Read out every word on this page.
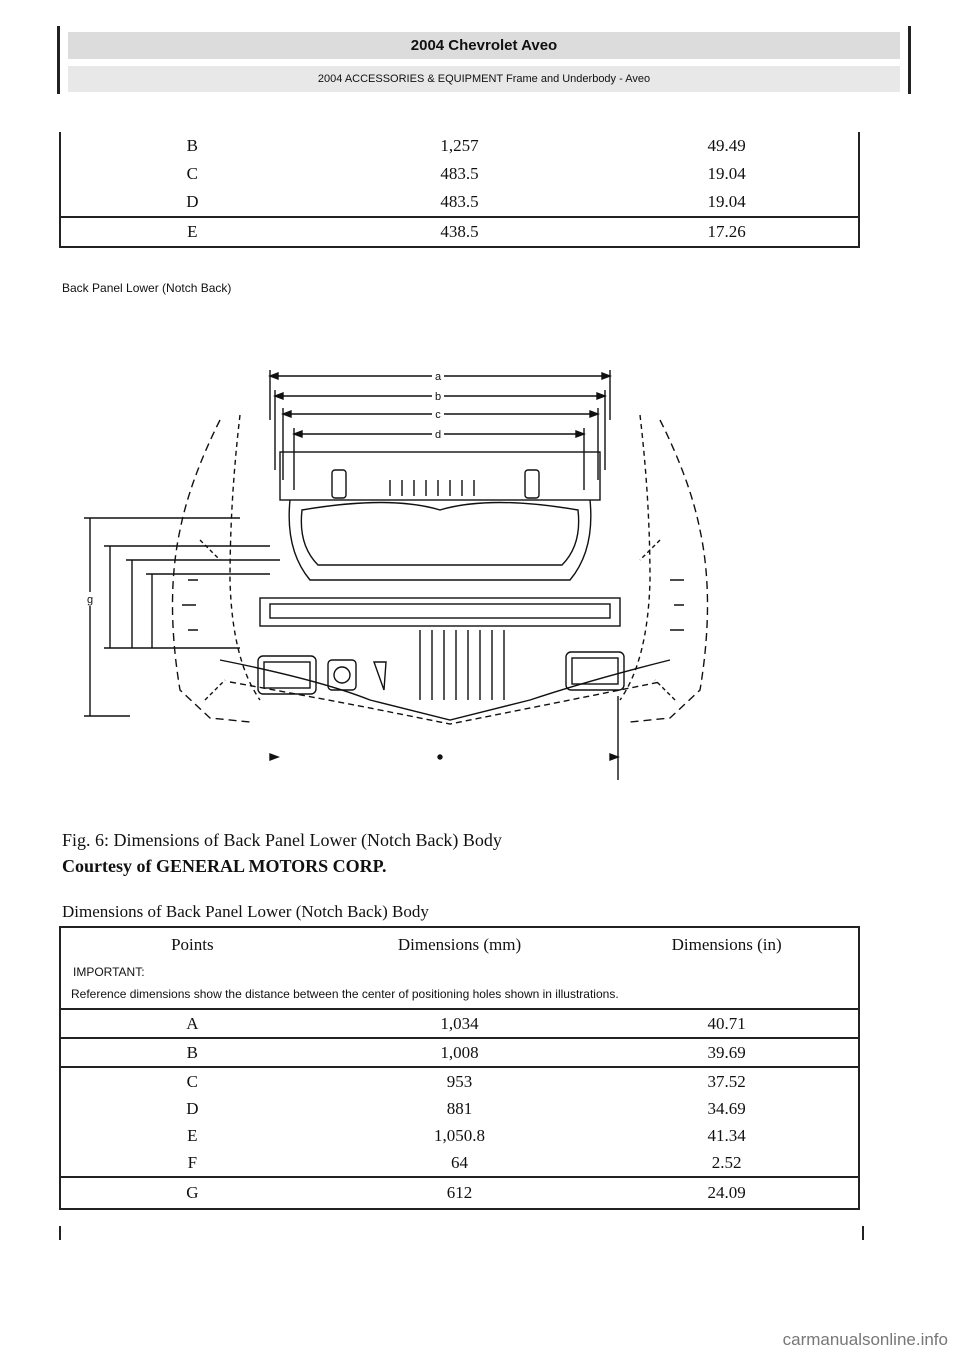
2004 Chevrolet Aveo
2004 ACCESSORIES & EQUIPMENT Frame and Underbody - Aveo
B	1,257	49.49
C	483.5	19.04
D	483.5	19.04
E	438.5	17.26
Back Panel Lower (Notch Back)
a
b
c
d
g
Fig. 6: Dimensions of Back Panel Lower (Notch Back) Body
Courtesy of GENERAL MOTORS CORP.
Dimensions of Back Panel Lower (Notch Back) Body
Points	Dimensions (mm)	Dimensions (in)

IMPORTANT:
Reference dimensions show the distance between the center of positioning holes shown in illustrations.		
A	1,034	40.71
B	1,008	39.69
C	953	37.52
D	881	34.69
E	1,050.8	41.34
F	64	2.52
G	612	24.09
carmanualsonline.info
